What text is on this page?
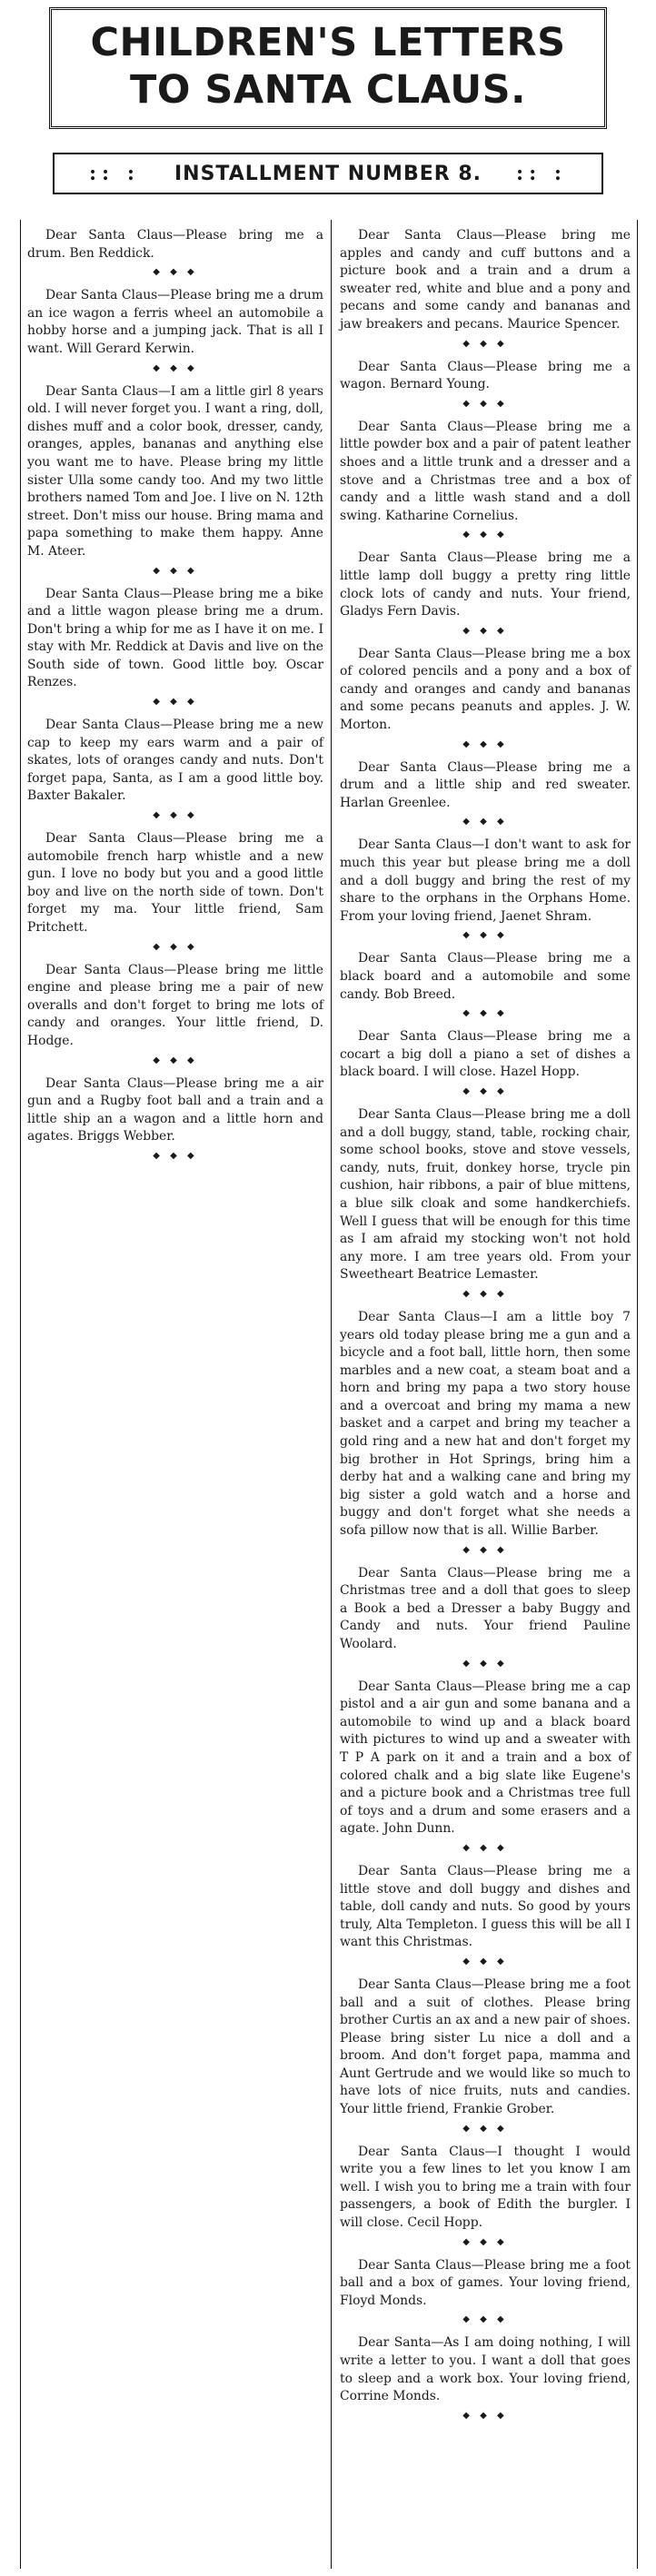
CHILDREN'S LETTERS
TO SANTA CLAUS.
:: : INSTALLMENT NUMBER 8. :: :

Dear Santa Claus—Please bring me a drum. Ben Reddick.

◆ ◆ ◆

Dear Santa Claus—Please bring me a drum an ice wagon a ferris wheel an automobile a hobby horse and a jumping jack. That is all I want. Will Gerard Kerwin.

◆ ◆ ◆

Dear Santa Claus—I am a little girl 8 years old. I will never forget you. I want a ring, doll, dishes muff and a color book, dresser, candy, oranges, apples, bananas and anything else you want me to have. Please bring my little sister Ulla some candy too. And my two little brothers named Tom and Joe. I live on N. 12th street. Don't miss our house. Bring mama and papa something to make them happy. Anne M. Ateer.

◆ ◆ ◆

Dear Santa Claus—Please bring me a bike and a little wagon please bring me a drum. Don't bring a whip for me as I have it on me. I stay with Mr. Reddick at Davis and live on the South side of town. Good little boy. Oscar Renzes.

◆ ◆ ◆

Dear Santa Claus—Please bring me a new cap to keep my ears warm and a pair of skates, lots of oranges candy and nuts. Don't forget papa, Santa, as I am a good little boy. Baxter Bakaler.

◆ ◆ ◆

Dear Santa Claus—Please bring me a automobile french harp whistle and a new gun. I love no body but you and a good little boy and live on the north side of town. Don't forget my ma. Your little friend, Sam Pritchett.

◆ ◆ ◆

Dear Santa Claus—Please bring me little engine and please bring me a pair of new overalls and don't forget to bring me lots of candy and oranges. Your little friend, D. Hodge.

◆ ◆ ◆

Dear Santa Claus—Please bring me a air gun and a Rugby foot ball and a train and a little ship an a wagon and a little horn and agates. Briggs Webber.

◆ ◆ ◆

Dear Santa Claus—Please bring me apples and candy and cuff buttons and a picture book and a train and a drum a sweater red, white and blue and a pony and pecans and some candy and bananas and jaw breakers and pecans. Maurice Spencer.

◆ ◆ ◆

Dear Santa Claus—Please bring me a wagon. Bernard Young.

◆ ◆ ◆

Dear Santa Claus—Please bring me a little powder box and a pair of patent leather shoes and a little trunk and a dresser and a stove and a Christmas tree and a box of candy and a little wash stand and a doll swing. Katharine Cornelius.

◆ ◆ ◆

Dear Santa Claus—Please bring me a little lamp doll buggy a pretty ring little clock lots of candy and nuts. Your friend, Gladys Fern Davis.

◆ ◆ ◆

Dear Santa Claus—Please bring me a box of colored pencils and a pony and a box of candy and oranges and candy and bananas and some pecans peanuts and apples. J. W. Morton.

◆ ◆ ◆

Dear Santa Claus—Please bring me a drum and a little ship and red sweater. Harlan Greenlee.

◆ ◆ ◆

Dear Santa Claus—I don't want to ask for much this year but please bring me a doll and a doll buggy and bring the rest of my share to the orphans in the Orphans Home. From your loving friend, Jaenet Shram.

◆ ◆ ◆

Dear Santa Claus—Please bring me a black board and a automobile and some candy. Bob Breed.

◆ ◆ ◆

Dear Santa Claus—Please bring me a cocart a big doll a piano a set of dishes a black board. I will close. Hazel Hopp.

◆ ◆ ◆

Dear Santa Claus—Please bring me a doll and a doll buggy, stand, table, rocking chair, some school books, stove and stove vessels, candy, nuts, fruit, donkey horse, trycle pin cushion, hair ribbons, a pair of blue mittens, a blue silk cloak and some handkerchiefs. Well I guess that will be enough for this time as I am afraid my stocking won't not hold any more. I am tree years old. From your Sweetheart Beatrice Lemaster.

◆ ◆ ◆

Dear Santa Claus—I am a little boy 7 years old today please bring me a gun and a bicycle and a foot ball, little horn, then some marbles and a new coat, a steam boat and a horn and bring my papa a two story house and a overcoat and bring my mama a new basket and a carpet and bring my teacher a gold ring and a new hat and don't forget my big brother in Hot Springs, bring him a derby hat and a walking cane and bring my big sister a gold watch and a horse and buggy and don't forget what she needs a sofa pillow now that is all. Willie Barber.

◆ ◆ ◆

Dear Santa Claus—Please bring me a Christmas tree and a doll that goes to sleep a Book a bed a Dresser a baby Buggy and Candy and nuts. Your friend Pauline Woolard.

◆ ◆ ◆

Dear Santa Claus—Please bring me a cap pistol and a air gun and some banana and a automobile to wind up and a black board with pictures to wind up and a sweater with T P A park on it and a train and a box of colored chalk and a big slate like Eugene's and a picture book and a Christmas tree full of toys and a drum and some erasers and a agate. John Dunn.

◆ ◆ ◆

Dear Santa Claus—Please bring me a little stove and doll buggy and dishes and table, doll candy and nuts. So good by yours truly, Alta Templeton. I guess this will be all I want this Christmas.

◆ ◆ ◆

Dear Santa Claus—Please bring me a foot ball and a suit of clothes. Please bring brother Curtis an ax and a new pair of shoes. Please bring sister Lu nice a doll and a broom. And don't forget papa, mamma and Aunt Gertrude and we would like so much to have lots of nice fruits, nuts and candies. Your little friend, Frankie Grober.

◆ ◆ ◆

Dear Santa Claus—I thought I would write you a few lines to let you know I am well. I wish you to bring me a train with four passengers, a book of Edith the burgler. I will close. Cecil Hopp.

◆ ◆ ◆

Dear Santa Claus—Please bring me a foot ball and a box of games. Your loving friend, Floyd Monds.

◆ ◆ ◆

Dear Santa—As I am doing nothing, I will write a letter to you. I want a doll that goes to sleep and a work box. Your loving friend, Corrine Monds.

◆ ◆ ◆
